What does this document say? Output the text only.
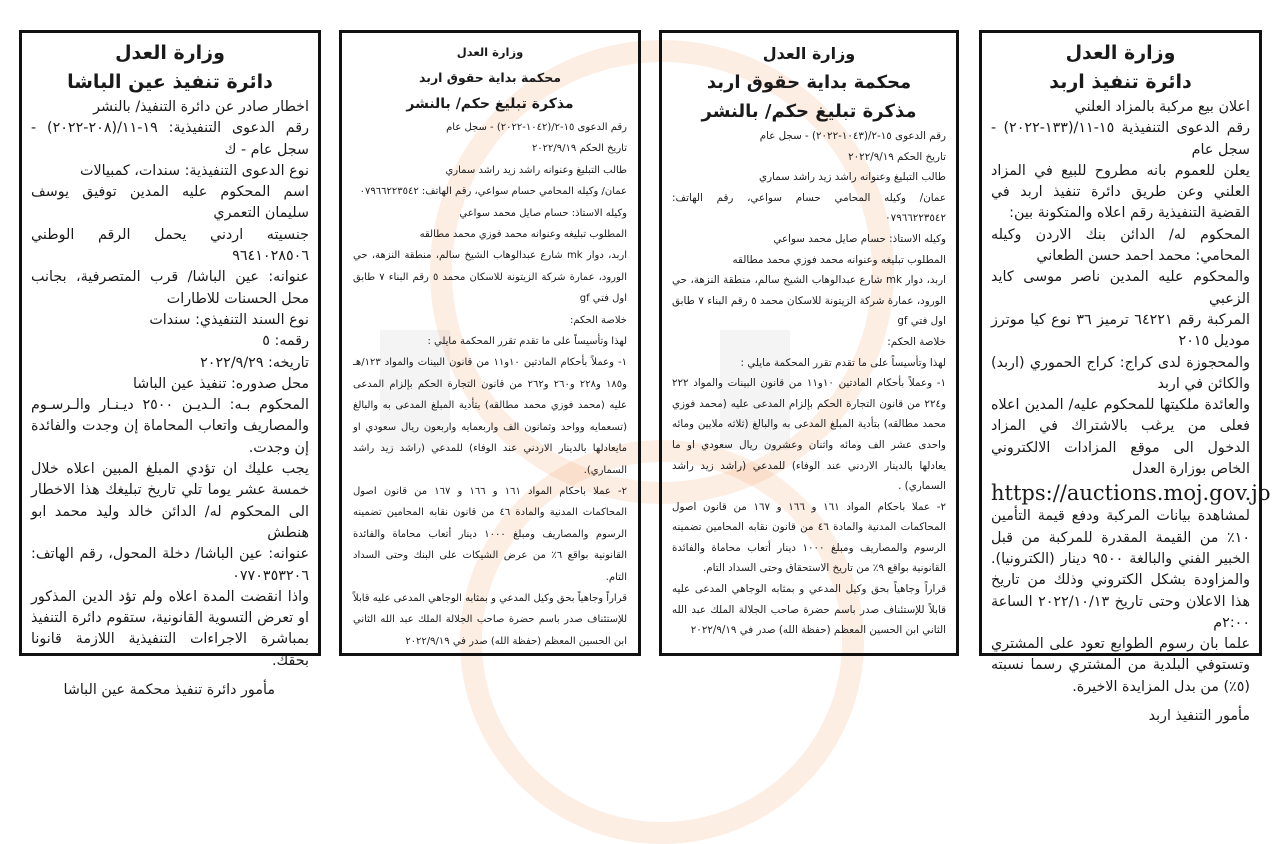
وزارة العدل
دائرة تنفيذ عين الباشا

اخطار صادر عن دائرة التنفيذ/ بالنشر

رقم الدعوى التنفيذية: ١٩-١١/(٢٠٨-٢٠٢٢) - سجل عام - ك

نوع الدعوى التنفيذية: سندات، كمبيالات

اسم المحكوم عليه المدين توفيق يوسف سليمان التعمري

جنسيته اردني يحمل الرقم الوطني ٩٦٤١٠٢٨٥٠٦

عنوانه: عين الباشا/ قرب المتصرفية، بجانب محل الحسنات للاطارات

نوع السند التنفيذي: سندات

رقمه: ٥

تاريخه: ٢٠٢٢/٩/٢٩

محل صدوره: تنفيذ عين الباشا

المحكوم بـه: الـديـن ٢٥٠٠ ديـنـار والـرسـوم والمصاريف واتعاب المحاماة إن وجدت والفائدة إن وجدت.

يجب عليك ان تؤدي المبلغ المبين اعلاه خلال خمسة عشر يوما تلي تاريخ تبليغك هذا الاخطار الى المحكوم له/ الدائن خالد وليد محمد ابو هنطش

عنوانه: عين الباشا/ دخلة المحول، رقم الهاتف: ٠٧٧٠٣٥٣٢٠٦

واذا انقضت المدة اعلاه ولم تؤد الدين المذكور او تعرض التسوية القانونية، ستقوم دائرة التنفيذ بمباشرة الاجراءات التنفيذية اللازمة قانونا بحقك.

مأمور دائرة تنفيذ محكمة عين الباشا

وزارة العدل
محكمة بداية حقوق اربد
مذكرة تبليغ حكم/ بالنشر

رقم الدعوى ١٥-٢/(١٠٤٢-٢٠٢٢) - سجل عام

تاريخ الحكم ٢٠٢٢/٩/١٩

طالب التبليغ وعنوانه راشد زيد راشد سماري

عمان/ وكيله المحامي حسام سواعي، رقم الهاتف: ٠٧٩٦٦٢٢٣٥٤٢

وكيله الاستاذ: حسام صايل محمد سواعي

المطلوب تبليغه وعنوانه محمد فوزي محمد مطالقه

اربد، دوار mk شارع عبدالوهاب الشيخ سالم، منطقة النزهة، حي الورود، عمارة شركة الزيتونة للاسكان محمد ٥ رقم البناء ٧ طابق اول فتي gf

خلاصة الحكم:

لهذا وتأسيساً على ما تقدم تقرر المحكمة مايلي :

١- وعملاً بأحكام المادتين ١٠و١١ من قانون البينات والمواد ١٢٣/هـ و١٨٥ و٢٢٨ و٢٦٠ و٢٦٢ من قانون التجارة الحكم بإلزام المدعى عليه (محمد فوزي محمد مطالقه) بتأدية المبلغ المدعى به والبالغ (تسعمايه وواحد وثمانون الف واربعمايه واربعون ريال سعودي او مايعادلها بالدينار الاردني عند الوفاء) للمدعي (راشد زيد راشد السماري).

٢- عملا باحكام المواد ١٦١ و ١٦٦ و ١٦٧ من قانون اصول المحاكمات المدنية والمادة ٤٦ من قانون نقابه المحامين تضمينه الرسوم والمصاريف ومبلغ ١٠٠٠ دينار أتعاب محاماة والفائدة القانونية بواقع ٦٪ من عرض الشيكات على البنك وحتى السداد التام.

قراراً وجاهياً بحق وكيل المدعي و بمثابه الوجاهي المدعى عليه قابلاً للإستئناف صدر باسم حضرة صاحب الجلالة الملك عبد الله الثاني ابن الحسين المعظم (حفظة الله) صدر في ٢٠٢٢/٩/١٩

وزارة العدل
محكمة بداية حقوق اربد
مذكرة تبليغ حكم/ بالنشر

رقم الدعوى ١٥-٢/(١٠٤٣-٢٠٢٢) - سجل عام

تاريخ الحكم ٢٠٢٢/٩/١٩

طالب التبليغ وعنوانه راشد زيد راشد سماري

عمان/ وكيله المحامي حسام سواعي، رقم الهاتف: ٠٧٩٦٦٢٢٣٥٤٢

وكيله الاستاذ: حسام صايل محمد سواعي

المطلوب تبليغه وعنوانه محمد فوزي محمد مطالقه

اربد، دوار mk شارع عبدالوهاب الشيخ سالم، منطقة النزهة، حي الورود، عمارة شركة الزيتونة للاسكان محمد ٥ رقم البناء ٧ طابق اول فتي gf

خلاصة الحكم:

لهذا وتأسيساً على ما تقدم تقرر المحكمة مايلي :

١- وعملاً بأحكام المادتين ١٠و١١ من قانون البينات والمواد ٢٢٢ و٢٢٤ من قانون التجارة الحكم بإلزام المدعى عليه (محمد فوزي محمد مطالقه) بتأدية المبلغ المدعى به والبالغ (ثلاثه ملايين ومائه واحدى عشر الف ومائه واثنان وعشرون ريال سعودي او ما يعادلها بالدينار الاردني عند الوفاء) للمدعي (راشد زيد راشد السماري) .

٢- عملا باحكام المواد ١٦١ و ١٦٦ و ١٦٧ من قانون اصول المحاكمات المدنية والمادة ٤٦ من قانون نقابه المحامين تضمينه الرسوم والمصاريف ومبلغ ١٠٠٠ دينار أتعاب محاماة والفائدة القانونية بواقع ٩٪ من تاريخ الاستحقاق وحتى السداد التام.

قراراً وجاهياً بحق وكيل المدعي و بمثابه الوجاهي المدعى عليه قابلاً للإستئناف صدر باسم حضرة صاحب الجلالة الملك عبد الله الثاني ابن الحسين المعظم (حفظة الله) صدر في ٢٠٢٢/٩/١٩

وزارة العدل
دائرة تنفيذ اربد

اعلان بيع مركبة بالمزاد العلني

رقم الدعوى التنفيذية ١٥-١١/(١٣٣-٢٠٢٢) - سجل عام

يعلن للعموم بانه مطروح للبيع في المزاد العلني وعن طريق دائرة تنفيذ اربد في القضية التنفيذية رقم اعلاه والمتكونة بين:

المحكوم له/ الدائن بنك الاردن وكيله المحامي: محمد احمد حسن الطعاني

والمحكوم عليه المدين ناصر موسى كايد الزعبي

المركبة رقم ٦٤٢٢١ ترميز ٣٦ نوع كيا موترز موديل ٢٠١٥

والمحجوزة لدى كراج: كراج الحموري (اربد) والكائن في اربد

والعائدة ملكيتها للمحكوم عليه/ المدين اعلاه فعلى من يرغب بالاشتراك في المزاد الدخول الى موقع المزادات الالكتروني الخاص بوزارة العدل

https://auctions.moj.gov.jo

لمشاهدة بيانات المركبة ودفع قيمة التأمين ١٠٪ من القيمة المقدرة للمركبة من قبل الخبير الفني والبالغة ٩٥٠٠ دينار (الكترونيا). والمزاودة بشكل الكتروني وذلك من تاريخ هذا الاعلان وحتى تاريخ ٢٠٢٢/١٠/١٣ الساعة ٢:٠٠م

علما بان رسوم الطوابع تعود على المشتري وتستوفي البلدية من المشتري رسما نسبته (٥٪) من بدل المزايدة الاخيرة.

مأمور التنفيذ اربد
